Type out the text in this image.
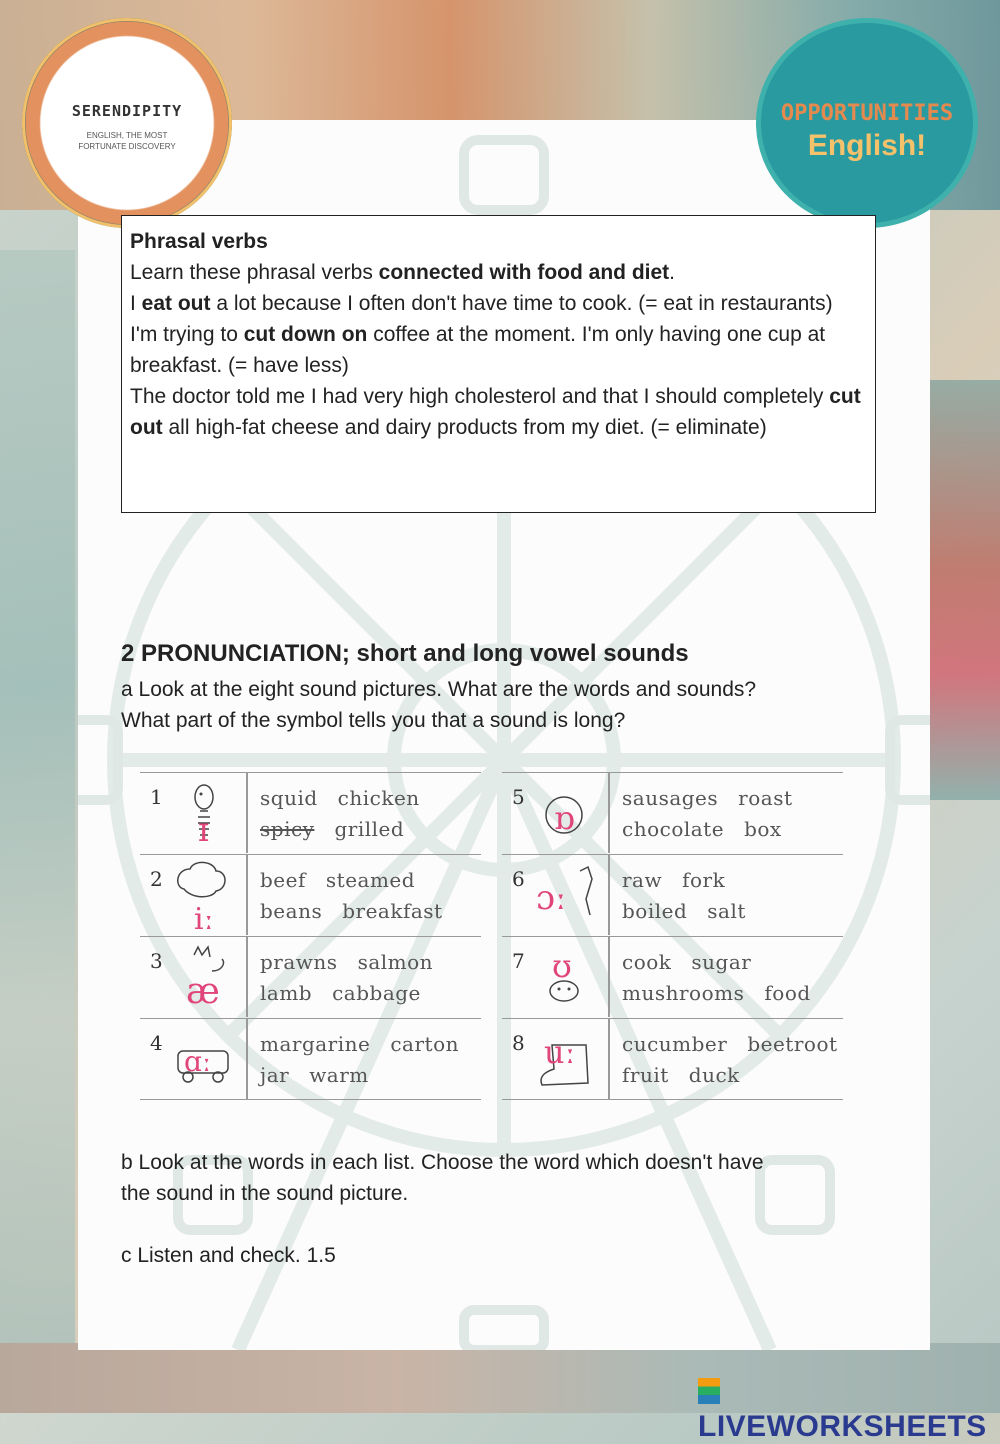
SERENDIPITY
ENGLISH, THE MOST FORTUNATE DISCOVERY
OPPORTUNITIES
English!

Phrasal verbs

Learn these phrasal verbs connected with food and diet.

I eat out a lot because I often don't have time to cook. (= eat in restaurants)

I'm trying to cut down on coffee at the moment. I'm only having one cup at breakfast. (= have less)

The doctor told me I had very high cholesterol and that I should completely cut out all high-fat cheese and dairy products from my diet. (= eliminate)

2 PRONUNCIATION; short and long vowel sounds

a Look at the eight sound pictures. What are the words and sounds?

What part of the symbol tells you that a sound is long?

1
ɪ
squid chicken
spicy grilled
2
iː
beef steamed
beans breakfast
3
æ
prawns salmon
lamb cabbage
4
ɑː
margarine carton
jar warm
5
ɒ
sausages roast
chocolate box
6 ɔː	raw fork
boiled salt
7 ʊ	cook sugar
mushrooms food
8 uː cucumber beetroot
fruit duck

b Look at the words in each list. Choose the word which doesn't have

the sound in the sound picture.

c Listen and check. 1.5

LIVEWORKSHEETS
